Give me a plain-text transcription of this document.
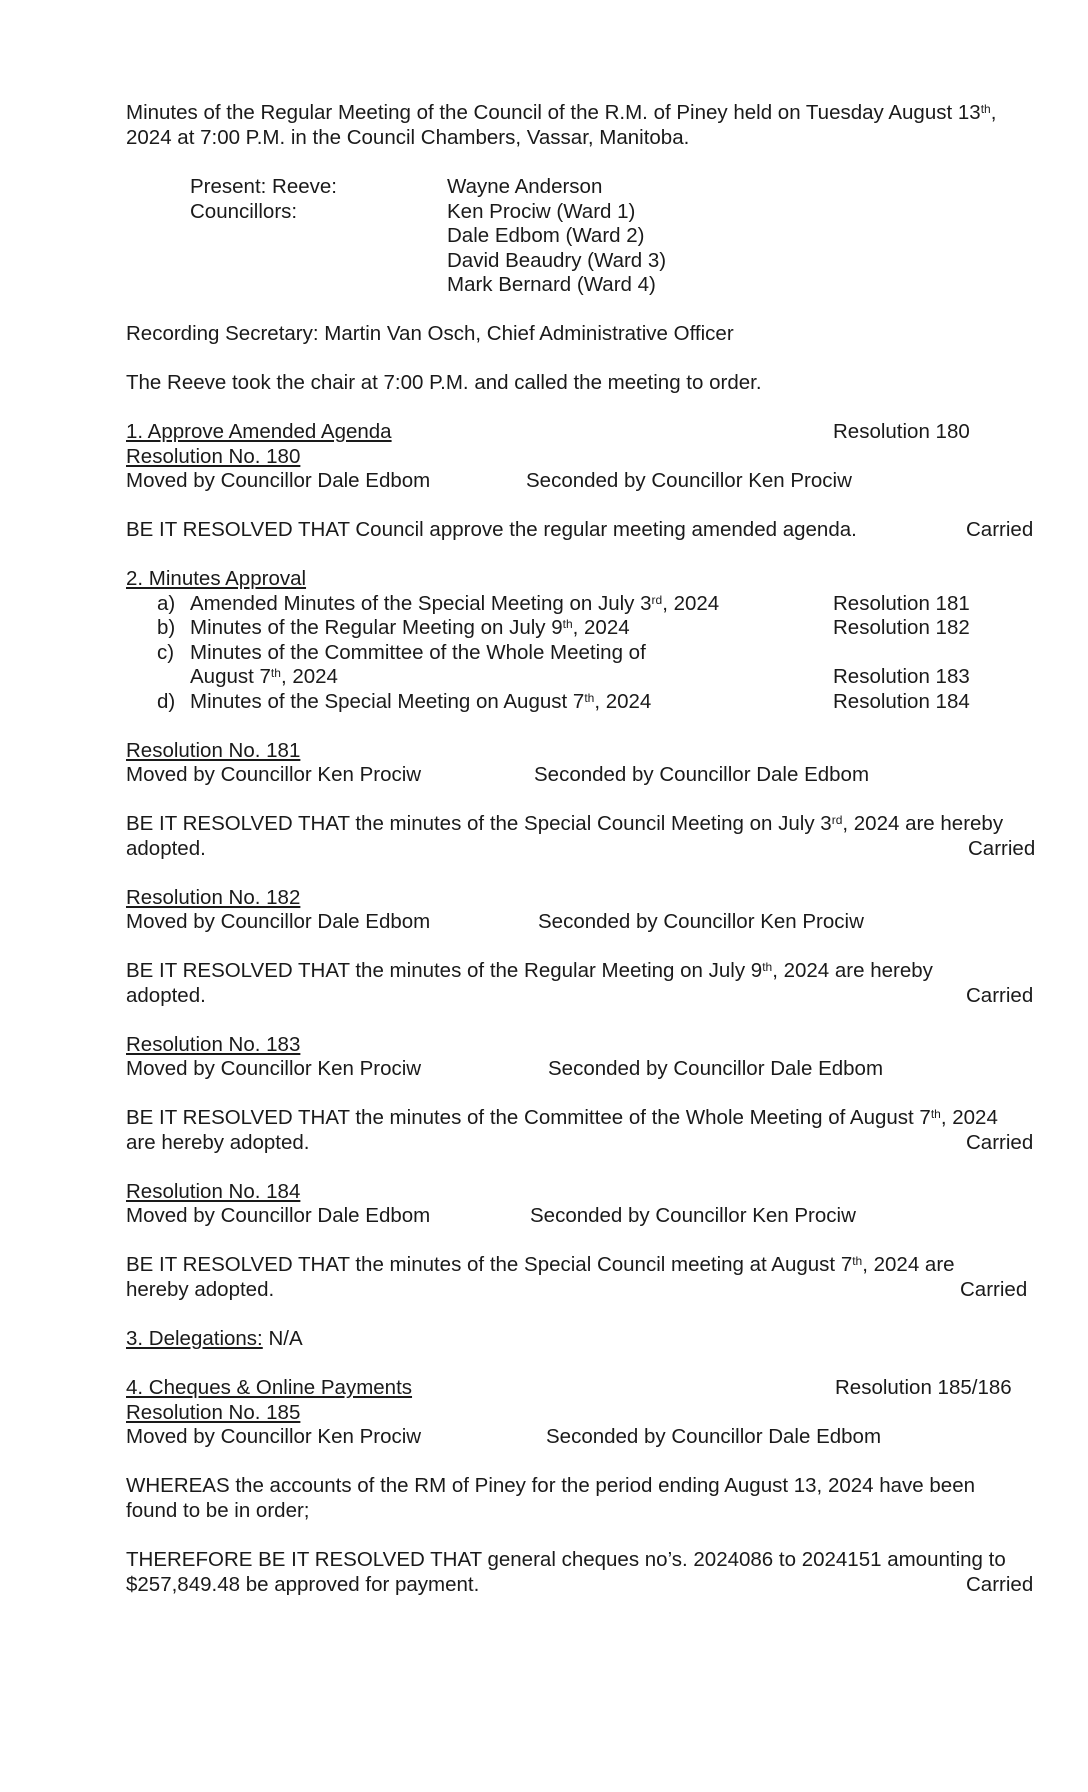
Minutes of the Regular Meeting of the Council of the R.M. of Piney held on Tuesday August 13th,
2024 at 7:00 P.M. in the Council Chambers, Vassar, Manitoba.
Present: Reeve:	Wayne Anderson
Councillors:	Ken Prociw (Ward 1)
Dale Edbom (Ward 2)
David Beaudry (Ward 3)
Mark Bernard (Ward 4)
Recording Secretary: Martin Van Osch, Chief Administrative Officer
The Reeve took the chair at 7:00 P.M. and called the meeting to order.
1. Approve Amended Agenda	Resolution 180
Resolution No. 180
Moved by Councillor Dale Edbom	Seconded by Councillor Ken Prociw
BE IT RESOLVED THAT Council approve the regular meeting amended agenda.	Carried
2. Minutes Approval
a) Amended Minutes of the Special Meeting on July 3rd, 2024	Resolution 181
b) Minutes of the Regular Meeting on July 9th, 2024	Resolution 182
c) Minutes of the Committee of the Whole Meeting of
August 7th, 2024	Resolution 183
d) Minutes of the Special Meeting on August 7th, 2024	Resolution 184
Resolution No. 181
Moved by Councillor Ken Prociw	Seconded by Councillor Dale Edbom
BE IT RESOLVED THAT the minutes of the Special Council Meeting on July 3rd, 2024 are hereby
adopted.	Carried
Resolution No. 182
Moved by Councillor Dale Edbom	Seconded by Councillor Ken Prociw
BE IT RESOLVED THAT the minutes of the Regular Meeting on July 9th, 2024 are hereby
adopted.	Carried
Resolution No. 183
Moved by Councillor Ken Prociw	Seconded by Councillor Dale Edbom
BE IT RESOLVED THAT the minutes of the Committee of the Whole Meeting of August 7th, 2024
are hereby adopted.	Carried
Resolution No. 184
Moved by Councillor Dale Edbom	Seconded by Councillor Ken Prociw
BE IT RESOLVED THAT the minutes of the Special Council meeting at August 7th, 2024 are
hereby adopted.	Carried
3. Delegations: N/A
4. Cheques & Online Payments	Resolution 185/186
Resolution No. 185
Moved by Councillor Ken Prociw	Seconded by Councillor Dale Edbom
WHEREAS the accounts of the RM of Piney for the period ending August 13, 2024 have been
found to be in order;
THEREFORE BE IT RESOLVED THAT general cheques no’s. 2024086 to 2024151 amounting to
$257,849.48 be approved for payment.	Carried
